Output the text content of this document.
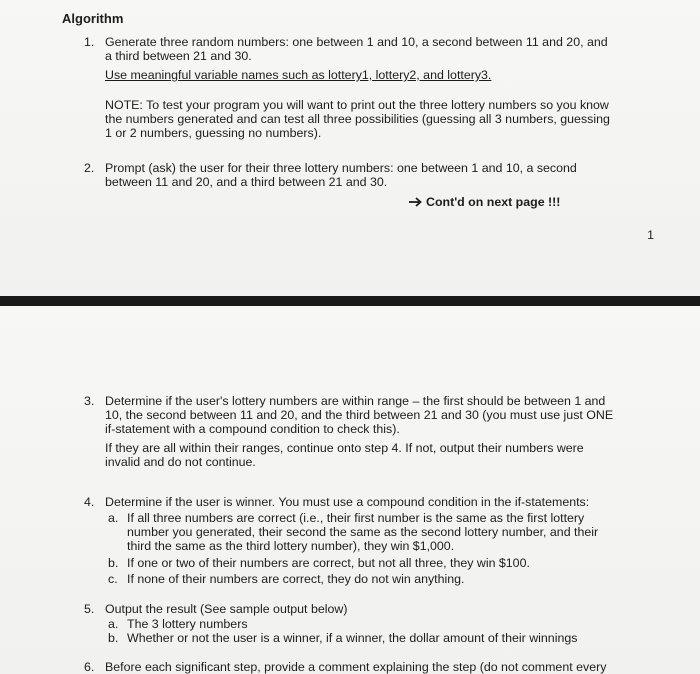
Algorithm
1. Generate three random numbers: one between 1 and 10, a second between 11 and 20, and
a third between 21 and 30.
Use meaningful variable names such as lottery1, lottery2, and lottery3.
NOTE: To test your program you will want to print out the three lottery numbers so you know
the numbers generated and can test all three possibilities (guessing all 3 numbers, guessing
1 or 2 numbers, guessing no numbers).
2. Prompt (ask) the user for their three lottery numbers: one between 1 and 10, a second
between 11 and 20, and a third between 21 and 30.
Cont'd on next page !!!
1
3. Determine if the user's lottery numbers are within range – the first should be between 1 and
10, the second between 11 and 20, and the third between 21 and 30 (you must use just ONE
if-statement with a compound condition to check this).
If they are all within their ranges, continue onto step 4. If not, output their numbers were
invalid and do not continue.
4. Determine if the user is winner. You must use a compound condition in the if-statements:
a. If all three numbers are correct (i.e., their first number is the same as the first lottery
number you generated, their second the same as the second lottery number, and their
third the same as the third lottery number), they win $1,000.
b. If one or two of their numbers are correct, but not all three, they win $100.
c. If none of their numbers are correct, they do not win anything.
5. Output the result (See sample output below)
a. The 3 lottery numbers
b. Whether or not the user is a winner, if a winner, the dollar amount of their winnings
6. Before each significant step, provide a comment explaining the step (do not comment every
